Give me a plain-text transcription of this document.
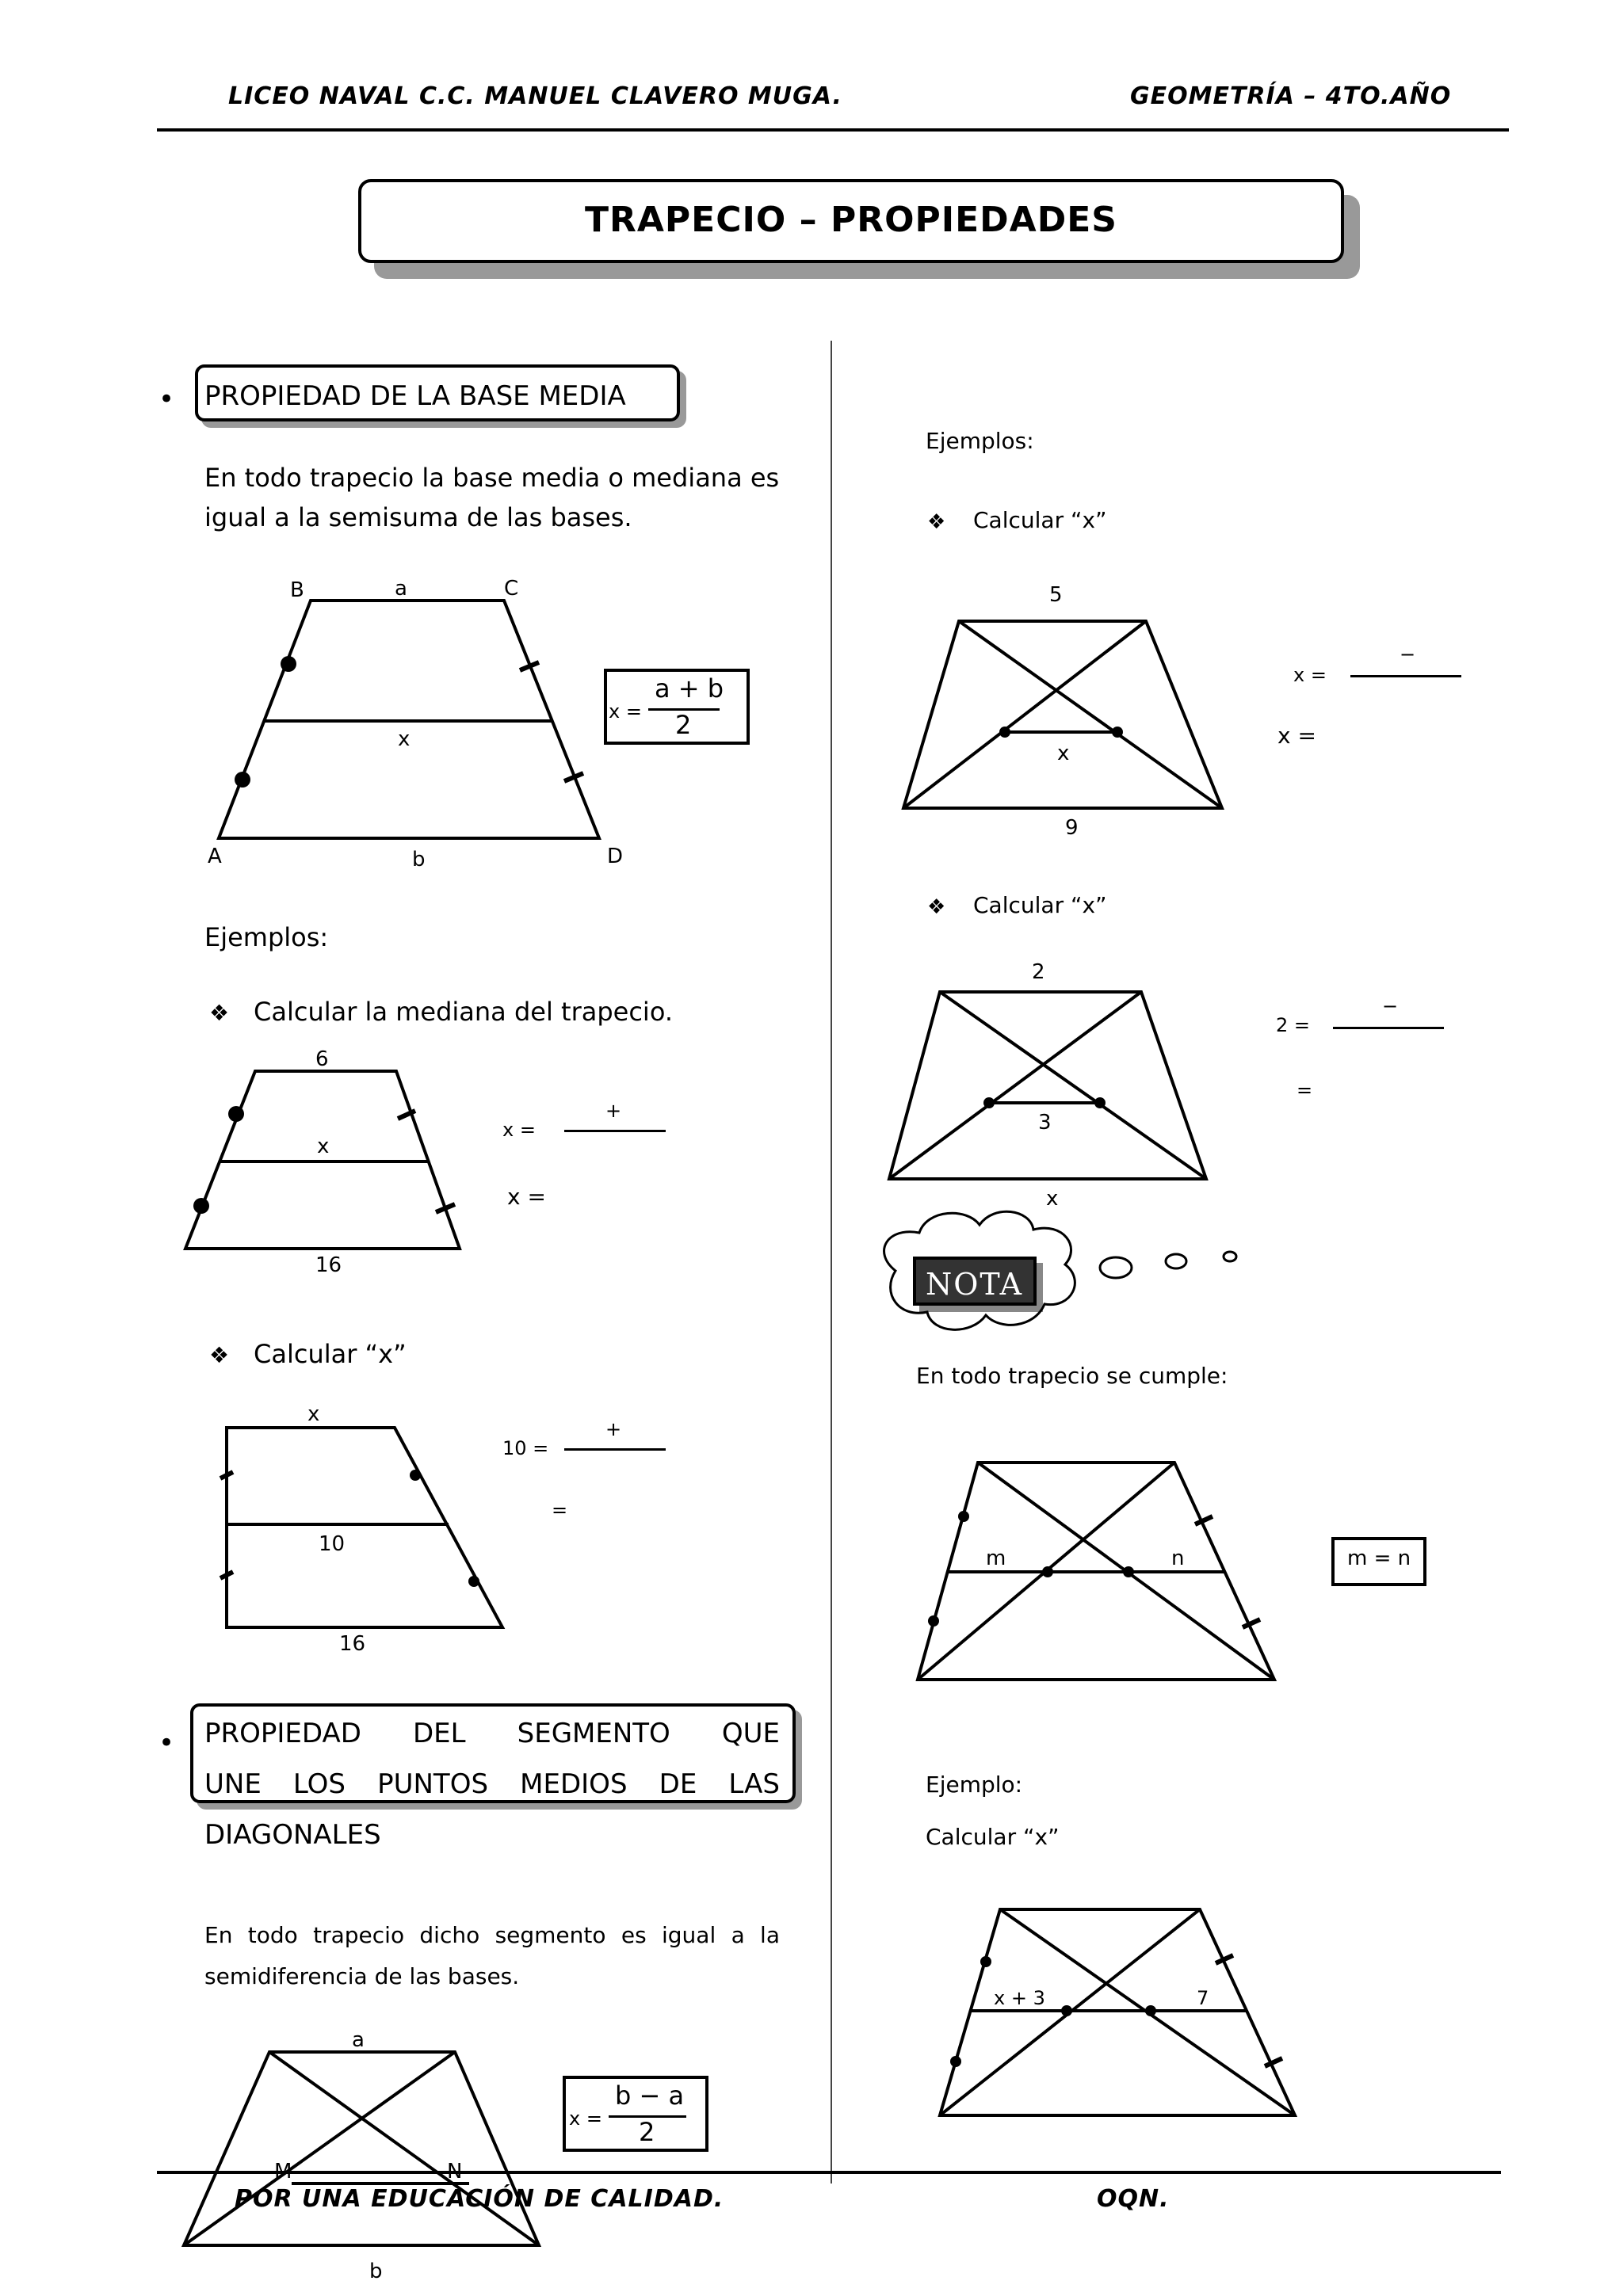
LICEO NAVAL C.C. MANUEL CLAVERO MUGA.	GEOMETRÍA – 4TO.AÑO
TRAPECIO – PROPIEDADES
• PROPIEDAD DE LA BASE MEDIA
En todo trapecio la base media o mediana es
igual a la semisuma de las bases.
B	a	C
x
A	b	D
x =
a + b
2
Ejemplos:
❖ Calcular la mediana del trapecio.
6
x
16
x =
+
x =
❖ Calcular “x”
x
10
16
10 =
+
=
• PROPIEDAD DEL SEGMENTO QUE
UNE LOS PUNTOS MEDIOS DE LAS
DIAGONALES
En todo trapecio dicho segmento es igual a la
semidiferencia de las bases.
a
b
x =
b − a
2
Ejemplos:
❖ Calcular “x”
5
x
9
x =
−
x =
❖ Calcular “x”
2
3
x
2 =
−
=
NOTA
En todo trapecio se cumple:
m	n	m = n
Ejemplo:
Calcular “x”
x + 3	7
POR UNA EDUCACIÓN DE CALIDAD.	OQN.
